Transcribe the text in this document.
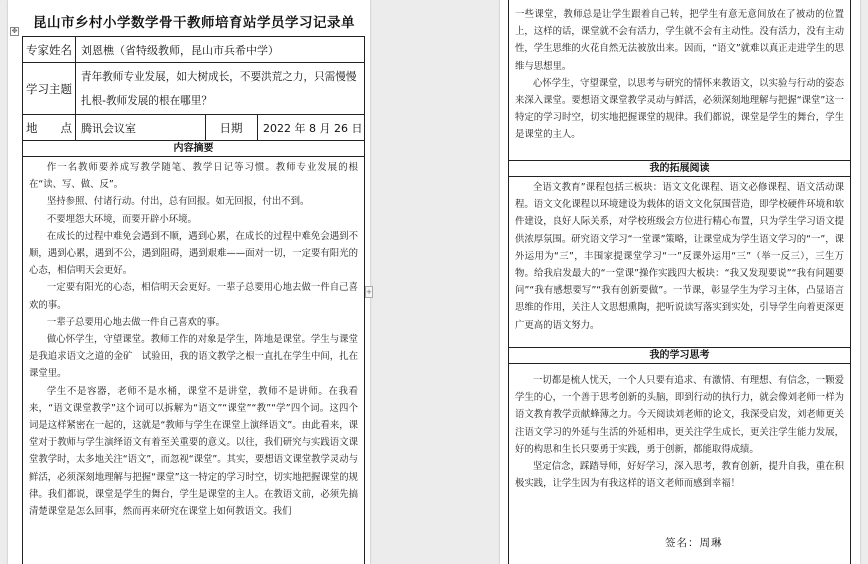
昆山市乡村小学数学骨干教师培育站学员学习记录单
✥
专家姓名 刘恩樵（省特级教师，昆山市兵希中学）
学习主题
青年教师专业发展，如大树成长，不要洪荒之力，只需慢慢扎根-教师发展的根在哪里？
地　　点 腾讯会议室	日期	2022 年 8 月 26 日
内容摘要

作一名教师要养成写教学随笔、教学日记等习惯。教师专业发展的根在“读、写、做、反”。

坚持参照、付诸行动。付出，总有回报。如无回报，付出不到。

不要埋怨大环境，而要开辟小环境。

在成长的过程中难免会遇到不顺，遇到心累，在成长的过程中难免会遇到不顺，遇到心累，遇到不公，遇到阻碍，遇到艰难——面对一切，一定要有阳光的心态，相信明天会更好。

一定要有阳光的心态，相信明天会更好。一辈子总要用心地去做一件自己喜欢的事。

一辈子总要用心地去做一件自己喜欢的事。

做心怀学生，守望课堂。教师工作的对象是学生，阵地是课堂。学生与课堂是我追求语文之道的金矿　试验田，我的语文教学之根一直扎在学生中间，扎在课堂里。

学生不是容器，老师不是水桶，课堂不是讲堂，教师不是讲师。在我看来，“语文课堂教学”这个词可以拆解为“语文”“课堂”“教”“学”四个词。这四个词是这样紧密在一起的，这就是“教师与学生在课堂上演绎语文”。由此看来，课堂对于教师与学生演绎语文有着至关重要的意义。以往，我们研究与实践语文课堂教学时，太多地关注“语文”，而忽视“课堂”。其实，要想语文课堂教学灵动与鲜活，必须深刻地理解与把握“课堂”这一特定的学习时空，切实地把握课堂的规律。我们都说，课堂是学生的舞台，学生是课堂的主人。在教语文前，必须先搞清楚课堂是怎么回事，然而再来研究在课堂上如何教语文。我们

+

一些课堂，教师总是让学生跟着自己转，把学生有意无意间放在了被动的位置上，这样的话，课堂就不会有活力，学生就不会有主动性。没有活力，没有主动性，学生思维的火花自然无法被放出来。因而，“语文”就难以真正走进学生的思维与思想里。

心怀学生，守望课堂，以思考与研究的情怀来教语文，以实验与行动的姿态来深入课堂。要想语文课堂教学灵动与鲜活，必须深刻地理解与把握“课堂”这一特定的学习时空，切实地把握课堂的规律。我们都说，课堂是学生的舞台，学生是课堂的主人。

我的拓展阅读

全语文教育”课程包括三板块：语文文化课程、语文必修课程、语文活动课程。语文文化课程以环境建设为载体的语文文化氛围营造，即学校硬件环境和软件建设，良好人际关系，对学校班级会方位进行精心布置，只为学生学习语文提供浓厚氛围。研究语文学习“一堂课”策略，让课堂成为学生语文学习的“一”，课外运用为“三”，丰围家提课堂学习“一”反课外运用“三”（举一反三），三生万物。给我启发最大的“一堂课”操作实践四大板块：“我又发现要说”“我有问题要问”“我有感想要写”“我有创新要做”。一节课，彰显学生为学习主体，凸显语言思维的作用，关注人文思想熏陶，把听说读写落实到实处，引导学生向着更深更广更高的语文努力。

我的学习思考

一切都是梳人忧天，一个人只要有追求、有激情、有理想、有信念，一颗爱学生的心，一个善于思考创新的头脑，即到行动的执行力，就会像刘老师一样为语文教育教学贡献蜂薄之力。今天阅读刘老师的论文，我深受启发，刘老师更关注语文学习的外延与生活的外延相串，更关注学生成长，更关注学生能力发展，好的构思和生长只要勇于实践，勇于创新，都能取得成绩。

坚定信念，踩踏导师，好好学习，深入思考，教育创新，提升自我，重在积极实践，让学生因为有我这样的语文老师而感到幸福！

签名：周琳
